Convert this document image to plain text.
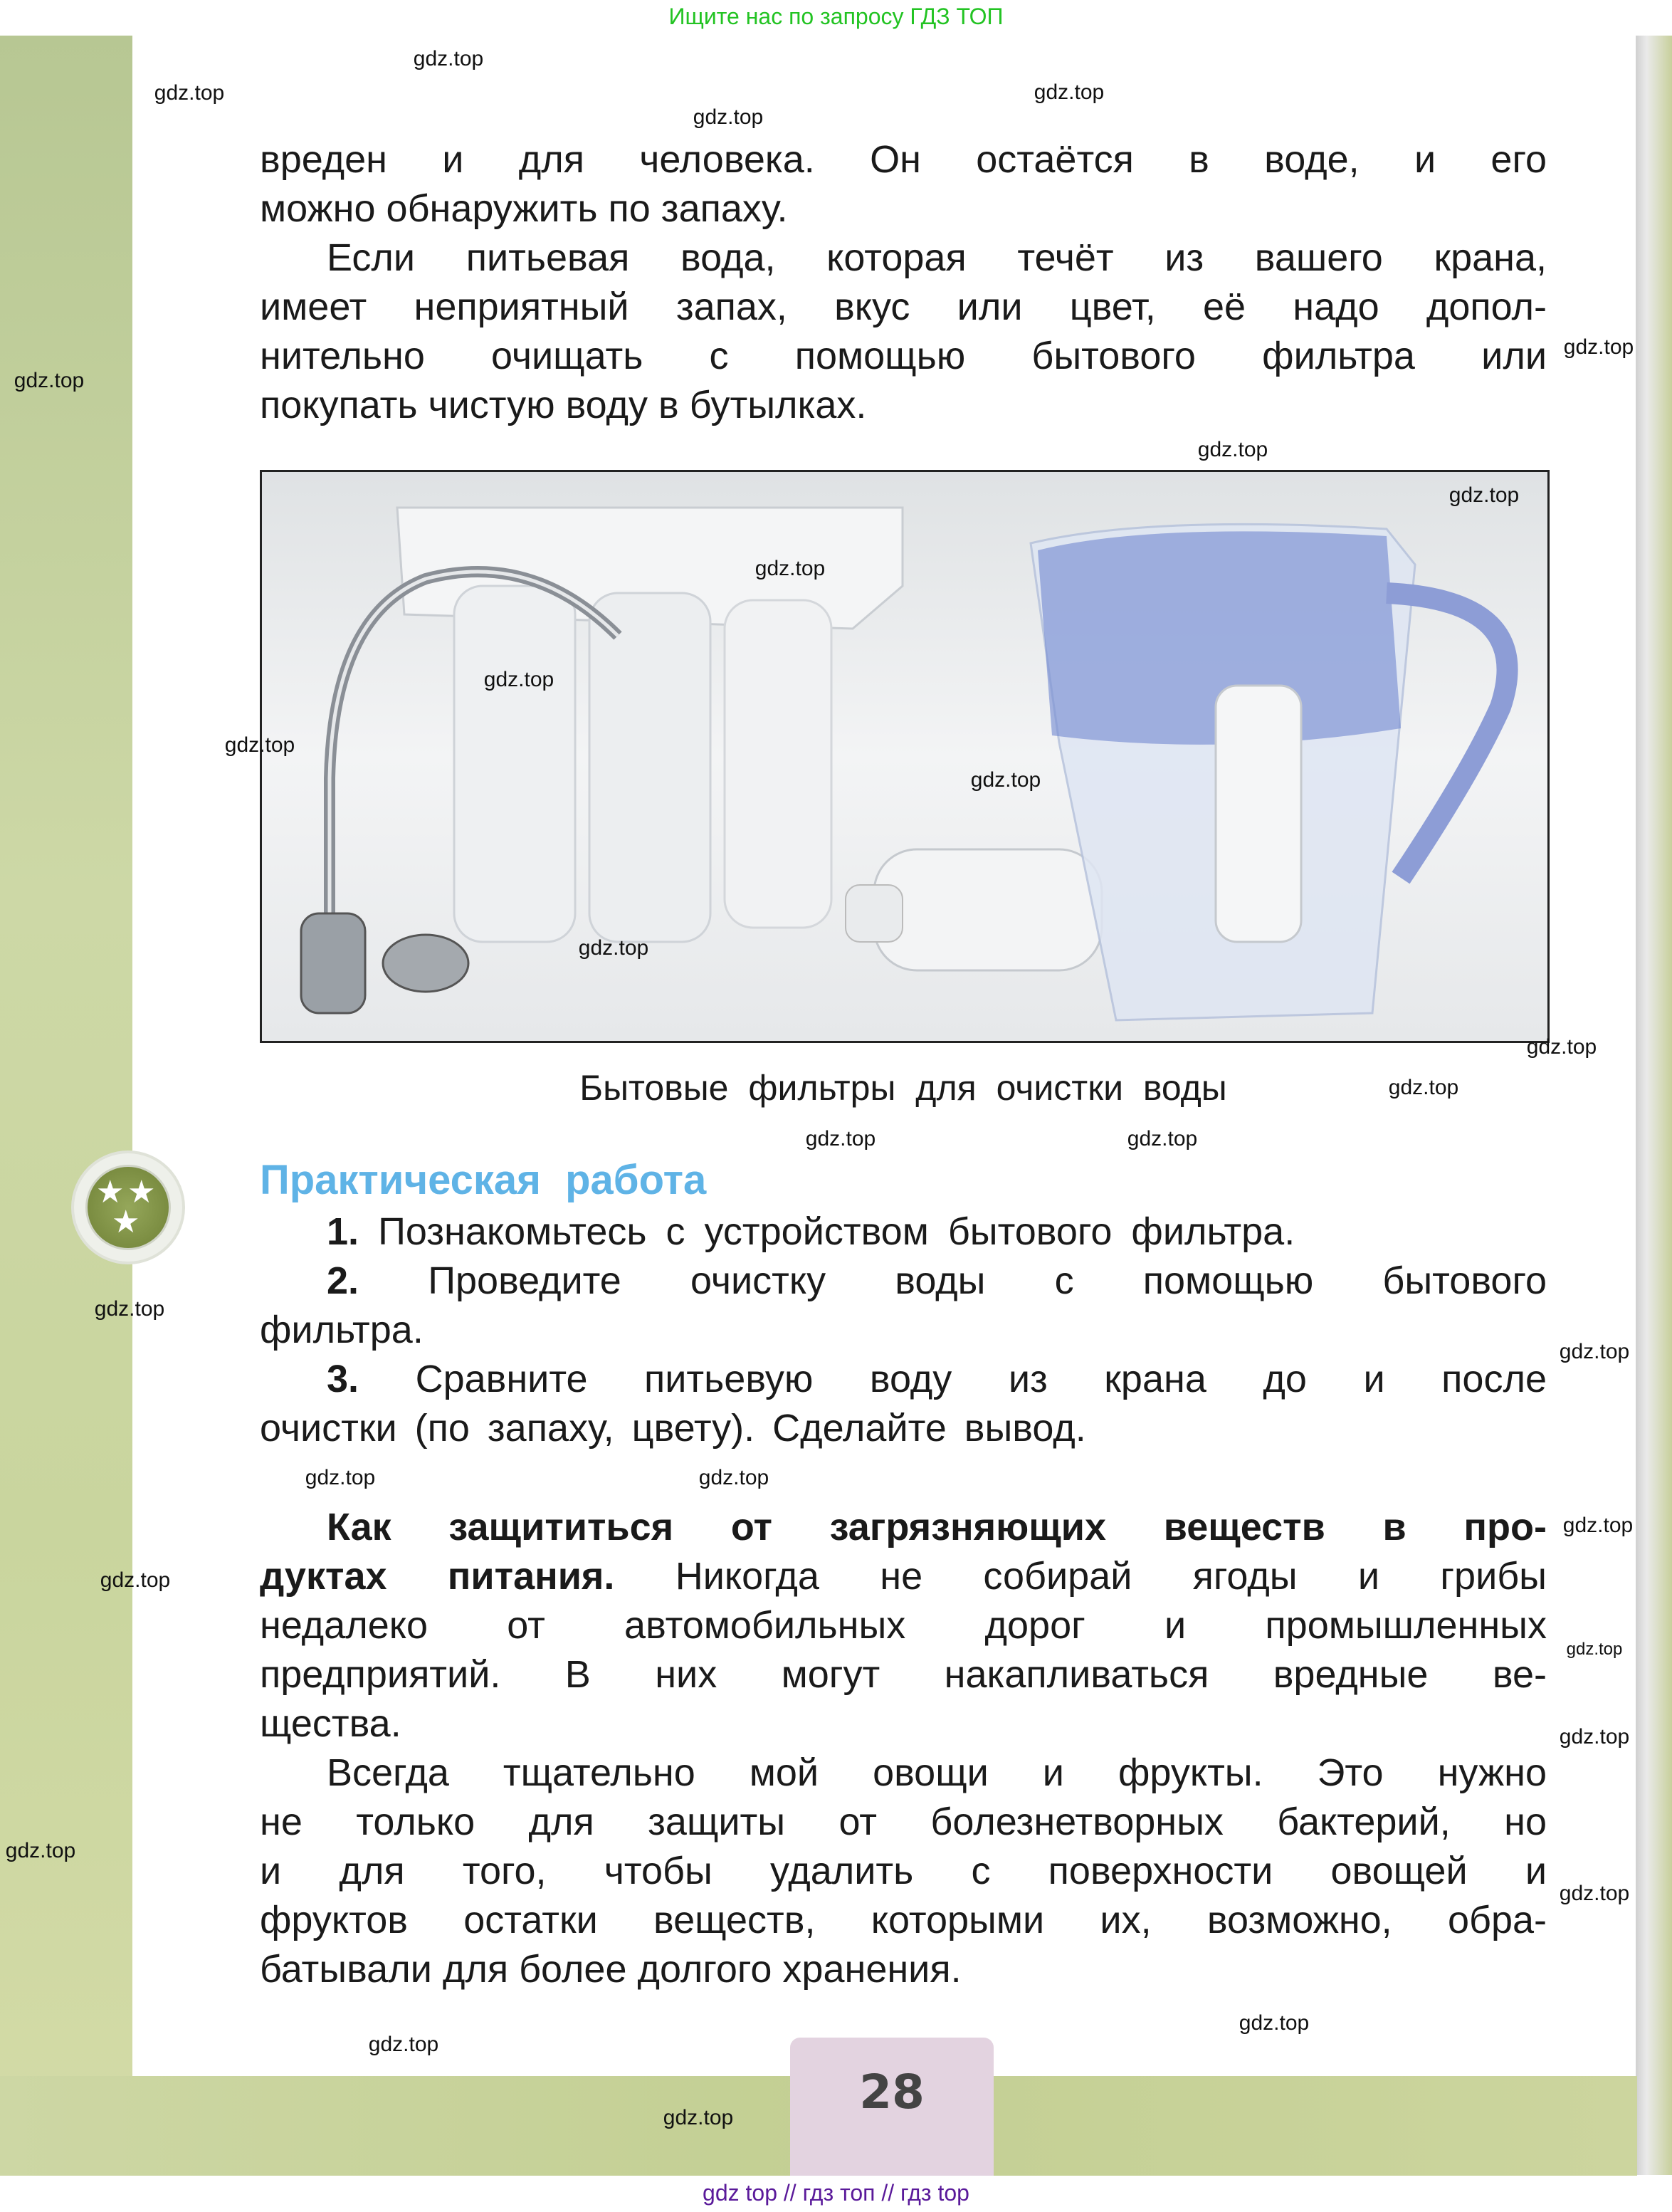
Ищите нас по запросу ГДЗ ТОП
28
вреден и для человека. Он остаётся в воде, и его
можно обнаружить по запаху.
Если питьевая вода, которая течёт из вашего крана,
имеет неприятный запах, вкус или цвет, её надо допол-
нительно очищать с помощью бытового фильтра или
покупать чистую воду в бутылках.
Бытовые фильтры для очистки воды
★ ★
★
Практическая работа
1. Познакомьтесь с устройством бытового фильтра.
2. Проведите очистку воды с помощью бытового
фильтра.
3. Сравните питьевую воду из крана до и после
очистки (по запаху, цвету). Сделайте вывод.
Как защититься от загрязняющих веществ в про-
дуктах питания. Никогда не собирай ягоды и грибы
недалеко от автомобильных дорог и промышленных
предприятий. В них могут накапливаться вредные ве-
щества.
Всегда тщательно мой овощи и фрукты. Это нужно
не только для защиты от болезнетворных бактерий, но
и для того, чтобы удалить с поверхности овощей и
фруктов остатки веществ, которыми их, возможно, обра-
батывали для более долгого хранения.
gdz top // гдз топ // гдз top
gdz.top
gdz.top
gdz.top
gdz.top
gdz.top
gdz.top
gdz.top
gdz.top
gdz.top
gdz.top
gdz.top
gdz.top
gdz.top
gdz.top
gdz.top
gdz.top	gdz.top
gdz.top
gdz.top
gdz.top	gdz.top
gdz.top
gdz.top
gdz.top
gdz.top
gdz.top
gdz.top
gdz.top
gdz.top
gdz.top
